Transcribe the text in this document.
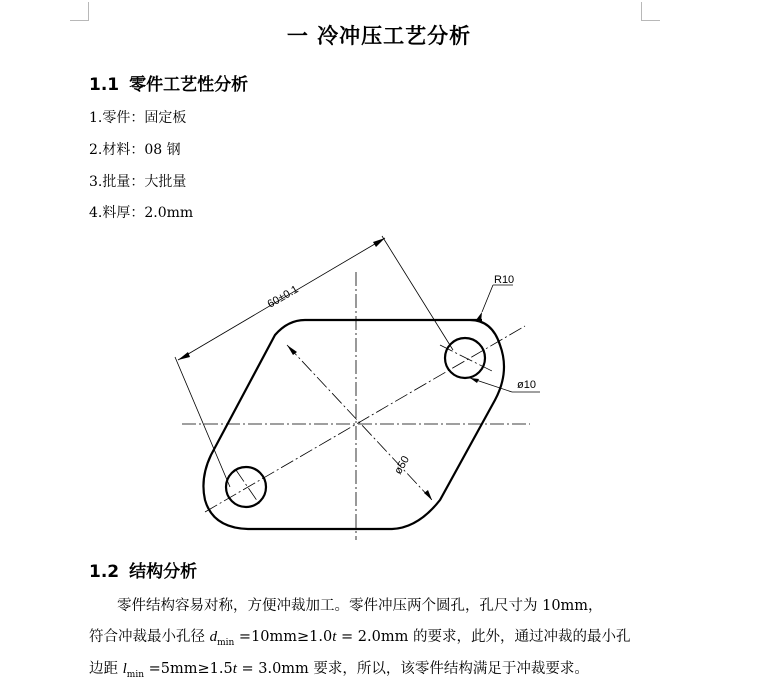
一 冷冲压工艺分析
1.1 零件工艺性分析
1.零件：固定板
2.材料：08 钢
3.批量：大批量
4.料厚：2.0mm
60±0.1
R10
ø10
ø50
1.2 结构分析
零件结构容易对称，方便冲裁加工。零件冲压两个圆孔，孔尺寸为 10mm，
符合冲裁最小孔径 $d_{min} =10mm\ge 1.0t = 2.0mm$ 的要求，此外，通过冲裁的最小孔
边距 $l_{min} =5mm\ge 1.5t = 3.0mm$ 要求，所以，该零件结构满足于冲裁要求。
